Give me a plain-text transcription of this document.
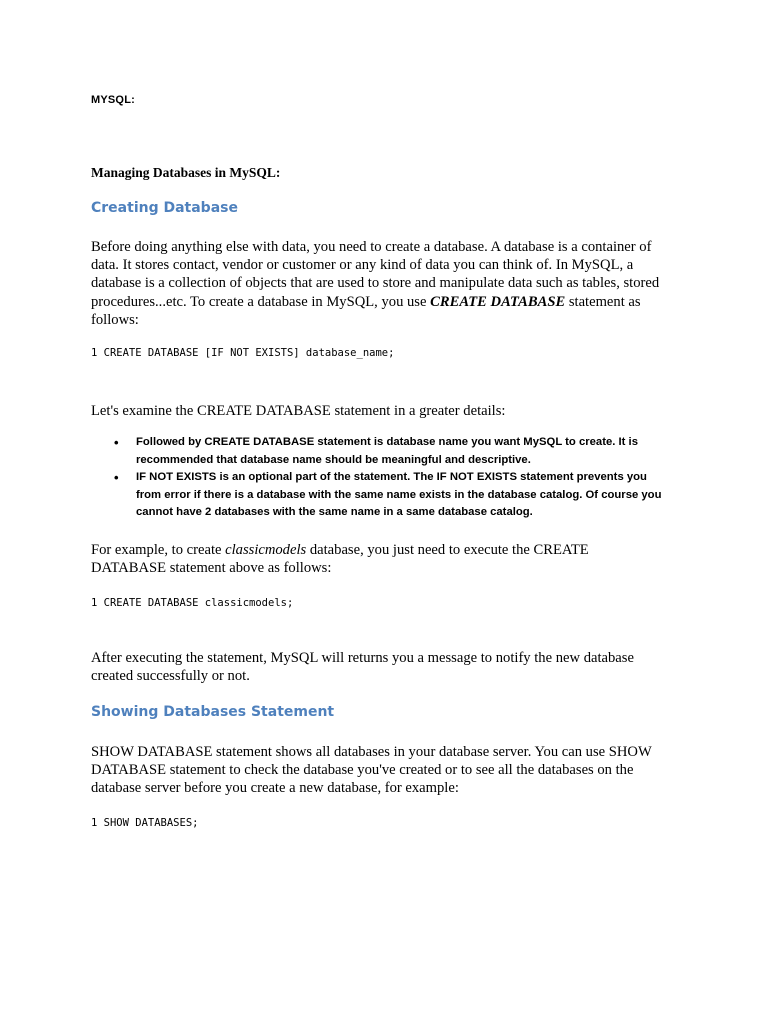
MYSQL:
Managing Databases in MySQL:
Creating Database
Before doing anything else with data, you need to create a database. A database is a container of data. It stores contact, vendor or customer or any kind of data you can think of. In MySQL, a database is a collection of objects that are used to store and manipulate data such as tables, stored procedures...etc. To create a database in MySQL, you use CREATE DATABASE statement as follows:
1 CREATE DATABASE [IF NOT EXISTS] database_name;
Let's examine the CREATE DATABASE statement in a greater details:
• Followed by CREATE DATABASE statement is database name you want MySQL to create. It is recommended that database name should be meaningful and descriptive.
• IF NOT EXISTS is an optional part of the statement. The IF NOT EXISTS statement prevents you from error if there is a database with the same name exists in the database catalog. Of course you cannot have 2 databases with the same name in a same database catalog.
For example, to create classicmodels database, you just need to execute the CREATE DATABASE statement above as follows:
1 CREATE DATABASE classicmodels;
After executing the statement, MySQL will returns you a message to notify the new database created successfully or not.
Showing Databases Statement
SHOW DATABASE statement shows all databases in your database server. You can use SHOW DATABASE statement to check the database you've created or to see all the databases on the database server before you create a new database, for example:
1 SHOW DATABASES;
